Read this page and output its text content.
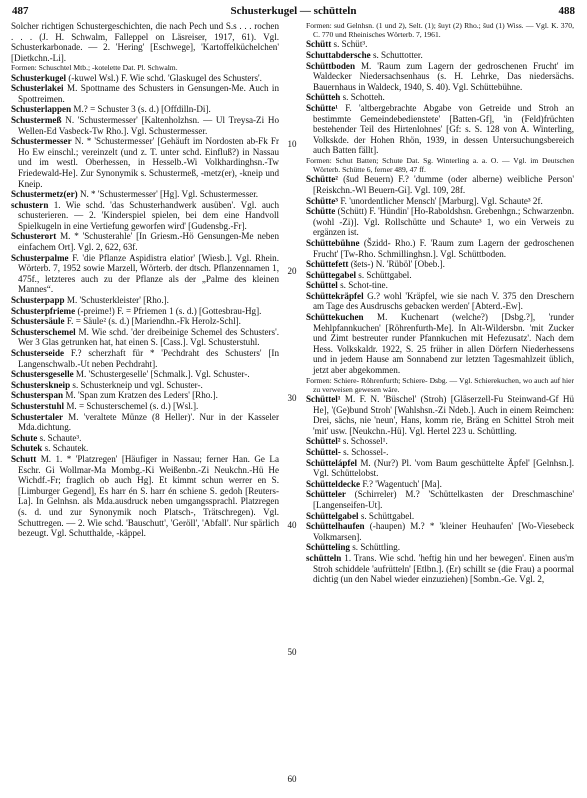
487	Schusterkugel — schütteln	488

Solcher richtigen Schustergeschichten, die nach Pech und S.s . . . rochen . . . (J. H. Schwalm, Falleppel on Läsreiser, 1917, 61). Vgl. Schusterkarbonade. — 2. 'Hering' [Eschwege], 'Kartoffelküchelchen' [Dietkchn.-Li].

Formen: Schuschtel Mtb.; -kotelette Dat. Pl. Schwalm.

Schusterkugel (-kuwel Wsl.) F. Wie schd. 'Glaskugel des Schusters'.

Schusterlakei M. Spottname des Schusters in Gensungen-Me. Auch in Spottreimen.

Schusterlappen M.? = Schuster 3 (s. d.) [Offdilln-Di].

Schustermeß N. 'Schustermesser' [Kaltenholzhsn. — Ul Treysa-Zi Ho Wellen-Ed Vasbeck-Tw Rho.]. Vgl. Schustermesser.

Schustermesser N. * 'Schustermesser' [Gehäuft im Nordosten ab-Fk Fr Ho Ew einschl.; vereinzelt (und z. T. unter schd. Einfluß?) in Nassau und im westl. Oberhessen, in Hesselb.-Wi Volkhardinghsn.-Tw Friedewald-He]. Zur Synonymik s. Schustermeß, -metz(er), -kneip und Kneip.

Schustermetz(er) N. * 'Schustermesser' [Hg]. Vgl. Schustermesser.

schustern 1. Wie schd. 'das Schusterhandwerk ausüben'. Vgl. auch schusterieren. — 2. 'Kinderspiel spielen, bei dem eine Handvoll Spielkugeln in eine Vertiefung geworfen wird' [Gudensbg.-Fr].

Schusterort M. * 'Schusterahle' [In Griesm.-Hö Gensungen-Me neben einfachem Ort]. Vgl. 2, 622, 63f.

Schusterpalme F. 'die Pflanze Aspidistra elatior' [Wiesb.]. Vgl. Rhein. Wörterb. 7, 1952 sowie Marzell, Wörterb. der dtsch. Pflanzennamen 1, 475f., letzteres auch zu der Pflanze als der „Palme des kleinen Mannes“.

Schusterpapp M. 'Schusterkleister' [Rho.].

Schusterpfrieme (-preime!) F. = Pfriemen 1 (s. d.) [Gottesbrau-Hg].

Schustersäule F. = Säule² (s. d.) [Mariendhn.-Fk Herolz-Schl].

Schusterschemel M. Wie schd. 'der dreibeinige Schemel des Schusters'. Wer 3 Glas getrunken hat, hat einen S. [Cass.]. Vgl. Schusterstuhl.

Schusterseide F.? scherzhaft für * 'Pechdraht des Schusters' [In Langenschwalb.-Ut neben Pechdraht].

Schustersgeselle M. 'Schustergeselle' [Schmalk.]. Vgl. Schuster-.

Schusterskneip s. Schusterkneip und vgl. Schuster-.

Schusterspan M. 'Span zum Kratzen des Leders' [Rho.].

Schusterstuhl M. = Schusterschemel (s. d.) [Wsl.].

Schustertaler M. 'veraltete Münze (8 Heller)'. Nur in der Kasseler Mda.dichtung.

Schute s. Schaute³.

Schutek s. Schautek.

Schutt M. 1. * 'Platzregen' [Häufiger in Nassau; ferner Han. Ge La Eschr. Gi Wollmar-Ma Mombg.-Ki Weißenbn.-Zi Neukchn.-Hü He Wichdf.-Fr; fraglich ob auch Hg]. Et kimmt schun werrer en S. [Limburger Gegend], Es harr én S. harr én schiene S. gedoh [Reuters-La]. In Gelnhsn. als Mda.ausdruck neben umgangssprachl. Platzregen (s. d. und zur Synonymik noch Platsch-, Trätschregen). Vgl. Schuttregen. — 2. Wie schd. 'Bauschutt', 'Geröll', 'Abfall'. Nur spärlich bezeugt. Vgl. Schutthalde, -käppel.

10
20
30
40
50
60

Formen: sud Gelnhsn. (1 und 2), Selt. (1); šuyt (2) Rho.; šud (1) Wiss. — Vgl. K. 370, C. 770 und Rheinisches Wörterb. 7, 1961.

Schütt s. Schüt³.

Schuttabdersche s. Schuttotter.

Schüttboden M. 'Raum zum Lagern der gedroschenen Frucht' im Waldecker Niedersachsenhaus (s. H. Lehrke, Das niedersächs. Bauernhaus in Waldeck, 1940, S. 40). Vgl. Schüttebühne.

Schütteh s. Schotteh.

Schütte¹ F. 'altbergebrachte Abgabe von Getreide und Stroh an bestimmte Gemeindebedienstete' [Batten-Gf], 'in (Feld)früchten bestehender Teil des Hirtenlohnes' [Gf: s. S. 128 von A. Winterling, Volkskde. der Hohen Rhön, 1939, in dessen Untersuchungsbereich auch Batten fällt].

Formen: Schut Batten; Schute Dat. Sg. Winterling a. a. O. — Vgl. im Deutschen Wörterb. Schütte 6, ferner 489, 47 ff.

Schütte² (šud Beuern) F.? 'dumme (oder alberne) weibliche Person' [Reiskchn.-Wl Beuern-Gi]. Vgl. 109, 28f.

Schütte³ F. 'unordentlicher Mensch' [Marburg]. Vgl. Schaute³ 2f.

Schütte (Schütt) F. 'Hündin' [Ho-Raboldshsn. Grebenhgn.; Schwarzenbn. (wohl -Zi)]. Vgl. Rollschütte und Schaute³ 1, wo ein Verweis zu ergänzen ist.

Schüttebühne (Šzidd- Rho.) F. 'Raum zum Lagern der gedroschenen Frucht' [Tw-Rho. Schmillinghsn.]. Vgl. Schüttboden.

Schüttefett (šets-) N. 'Rüböl' [Obeb.].

Schüttegabel s. Schüttgabel.

Schüttel s. Schot-tine.

Schüttekräpfel G.? wohl 'Kräpfel, wie sie nach V. 375 den Dreschern am Tage des Ausdruschs gebacken werden' [Abterd.-Ew].

Schüttekuchen M. Kuchenart (welche?) [Dsbg.?], 'runder Mehlpfannkuchen' [Röhrenfurth-Me]. In Alt-Wildersbn. 'mit Zucker und Zimt bestreuter runder Pfannkuchen mit Hefezusatz'. Nach dem Hess. Volkskaldr. 1922, S. 25 früher in allen Dörfern Niederhessens und in jedem Hause am Sonnabend zur letzten Tagesmahlzeit üblich, jetzt aber abgekommen.

Formen: Schiere- Röhrenfurth; Schiere- Dsbg. — Vgl. Schierekuchen, wo auch auf hier zu verweisen gewesen wäre.

Schüttel¹ M. F. N. 'Büschel' (Stroh) [Gläserzell-Fu Steinwand-Gf Hü He], '(Ge)bund Stroh' [Wahlshsn.-Zi Ndeb.]. Auch in einem Reimchen: Drei, sächs, nie 'neun', Hans, komm rie, Bräng en Schittel Stroh meit 'mit' usw. [Neukchn.-Hü]. Vgl. Hertel 223 u. Schüttling.

Schüttel² s. Schossel¹.

Schüttel- s. Schossel-.

Schüttelápfel M. (Nur?) Pl. 'vom Baum geschüttelte Äpfel' [Gelnhsn.]. Vgl. Schüttelobst.

Schütteldecke F.? 'Wagentuch' [Ma].

Schütteler (Schirreler) M.? 'Schüttelkasten der Dreschmaschine' [Langenseifen-Ut].

Schüttelgabel s. Schüttgabel.

Schüttelhaufen (-haupen) M.? * 'kleiner Heuhaufen' [Wo-Viesebeck Volkmarsen].

Schütteling s. Schüttling.

schütteln 1. Trans. Wie schd. 'heftig hin und her bewegen'. Einen aus'm Stroh schiddele 'aufrütteln' [Etlbn.]. (Er) schillt se (die Frau) a poormal dichtig (un den Nabel wieder einzuziehen) [Sombn.-Ge. Vgl. 2,
